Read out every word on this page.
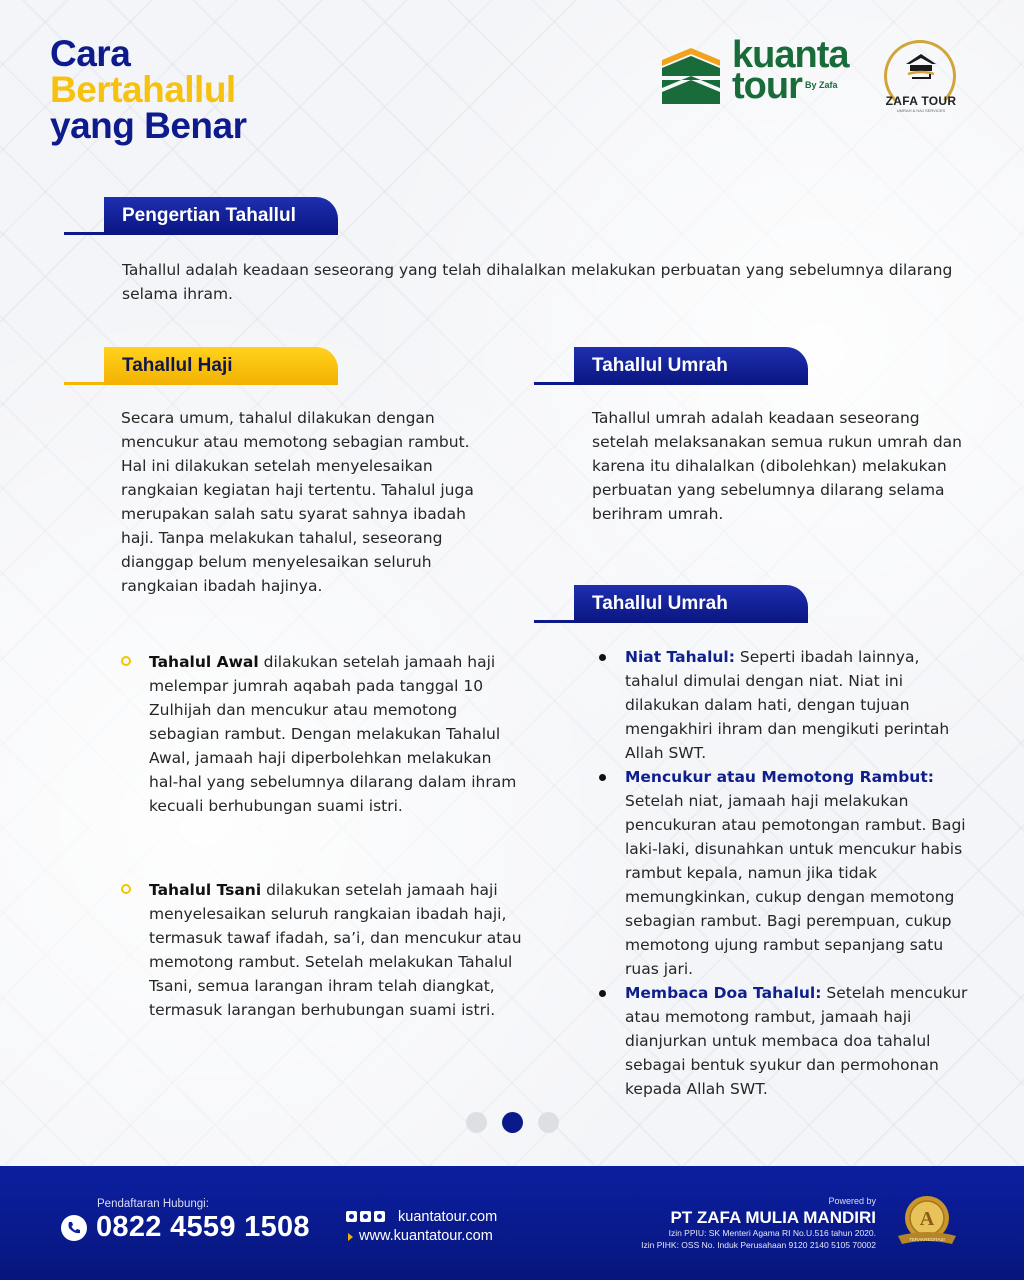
Cara
Bertahallul
yang Benar
kuanta
tour By Zafa
ZAFA TOUR
UMRAH & HAJ SERVICES
Pengertian Tahallul

Tahallul adalah keadaan seseorang yang telah dihalalkan melakukan perbuatan yang sebelumnya dilarang selama ihram.

Tahallul Haji

Secara umum, tahalul dilakukan dengan mencukur atau memotong sebagian rambut. Hal ini dilakukan setelah menyelesaikan rangkaian kegiatan haji tertentu. Tahalul juga merupakan salah satu syarat sahnya ibadah haji. Tanpa melakukan tahalul, seseorang dianggap belum menyelesaikan seluruh rangkaian ibadah hajinya.

Tahalul Awal dilakukan setelah jamaah haji melempar jumrah aqabah pada tanggal 10 Zulhijah dan mencukur atau memotong sebagian rambut. Dengan melakukan Tahalul Awal, jamaah haji diperbolehkan melakukan hal-hal yang sebelumnya dilarang dalam ihram kecuali berhubungan suami istri.
Tahalul Tsani dilakukan setelah jamaah haji menyelesaikan seluruh rangkaian ibadah haji, termasuk tawaf ifadah, sa’i, dan mencukur atau memotong rambut. Setelah melakukan Tahalul Tsani, semua larangan ihram telah diangkat, termasuk larangan berhubungan suami istri.
Tahallul Umrah

Tahallul umrah adalah keadaan seseorang setelah melaksanakan semua rukun umrah dan karena itu dihalalkan (dibolehkan) melakukan perbuatan yang sebelumnya dilarang selama berihram umrah.

Tahallul Umrah
Niat Tahalul: Seperti ibadah lainnya, tahalul dimulai dengan niat. Niat ini dilakukan dalam hati, dengan tujuan mengakhiri ihram dan mengikuti perintah Allah SWT.
Mencukur atau Memotong Rambut: Setelah niat, jamaah haji melakukan pencukuran atau pemotongan rambut. Bagi laki-laki, disunahkan untuk mencukur habis rambut kepala, namun jika tidak memungkinkan, cukup dengan memotong sebagian rambut. Bagi perempuan, cukup memotong ujung rambut sepanjang satu ruas jari.
Membaca Doa Tahalul: Setelah mencukur atau memotong rambut, jamaah haji dianjurkan untuk membaca doa tahalul sebagai bentuk syukur dan permohonan kepada Allah SWT.
Pendaftaran Hubungi:
0822 4559 1508	kuantatour.com
www.kuantatour.com
Powered by
PT ZAFA MULIA MANDIRI
Izin PPIU: SK Menteri Agama RI No.U.516 tahun 2020.
Izin PIHK: OSS No. Induk Perusahaan 9120 2140 5105 70002
A
TERAKREDITASI
